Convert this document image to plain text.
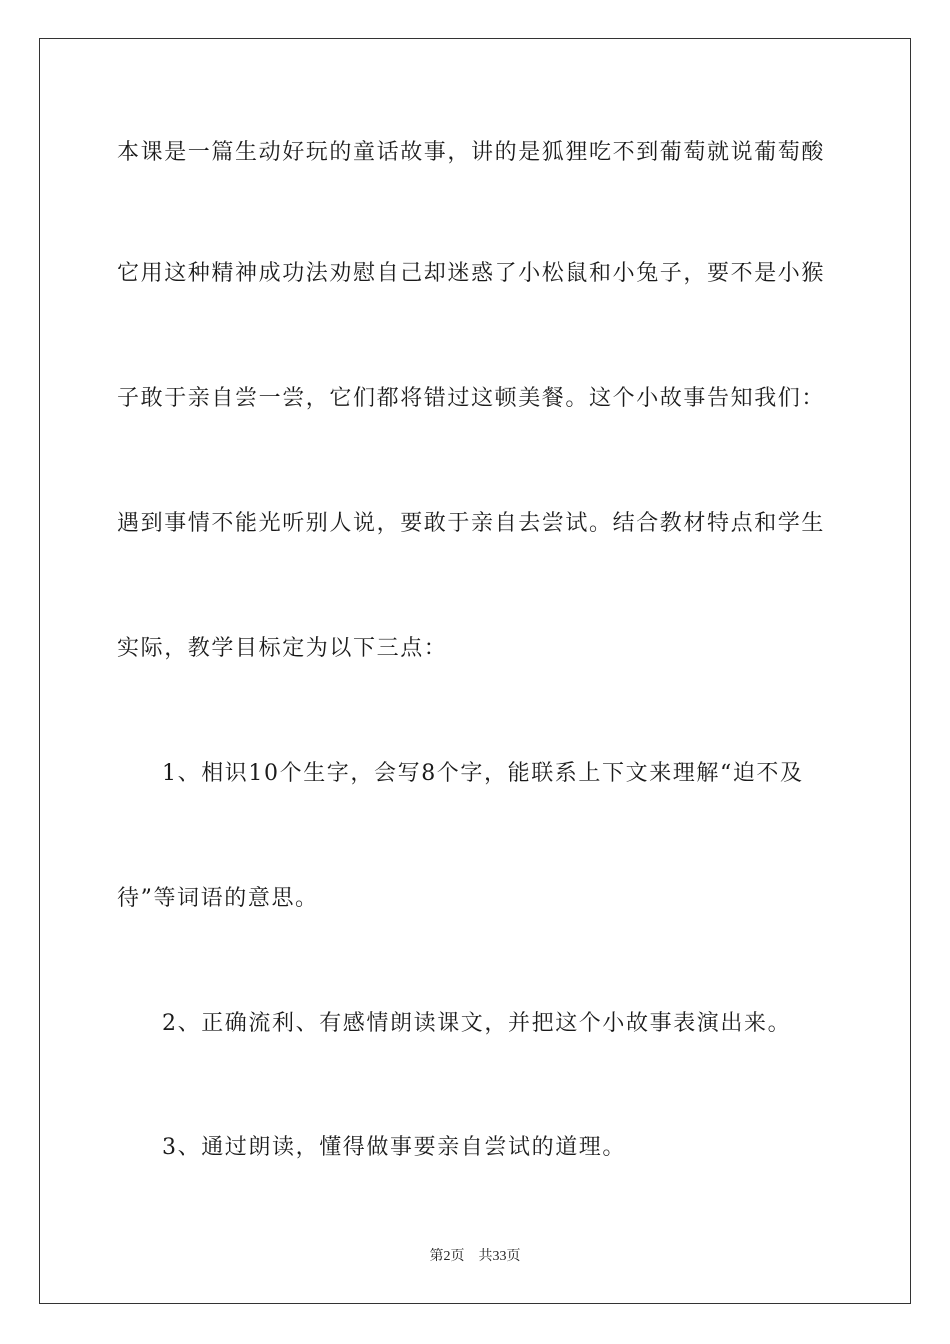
本课是一篇生动好玩的童话故事，讲的是狐狸吃不到葡萄就说葡萄酸
它用这种精神成功法劝慰自己却迷惑了小松鼠和小兔子，要不是小猴
子敢于亲自尝一尝，它们都将错过这顿美餐。这个小故事告知我们：
遇到事情不能光听别人说，要敢于亲自去尝试。结合教材特点和学生
实际，教学目标定为以下三点：
1、相识10个生字，会写8个字，能联系上下文来理解“迫不及
待”等词语的意思。
2、正确流利、有感情朗读课文，并把这个小故事表演出来。
3、通过朗读，懂得做事要亲自尝试的道理。
第2页　共33页
